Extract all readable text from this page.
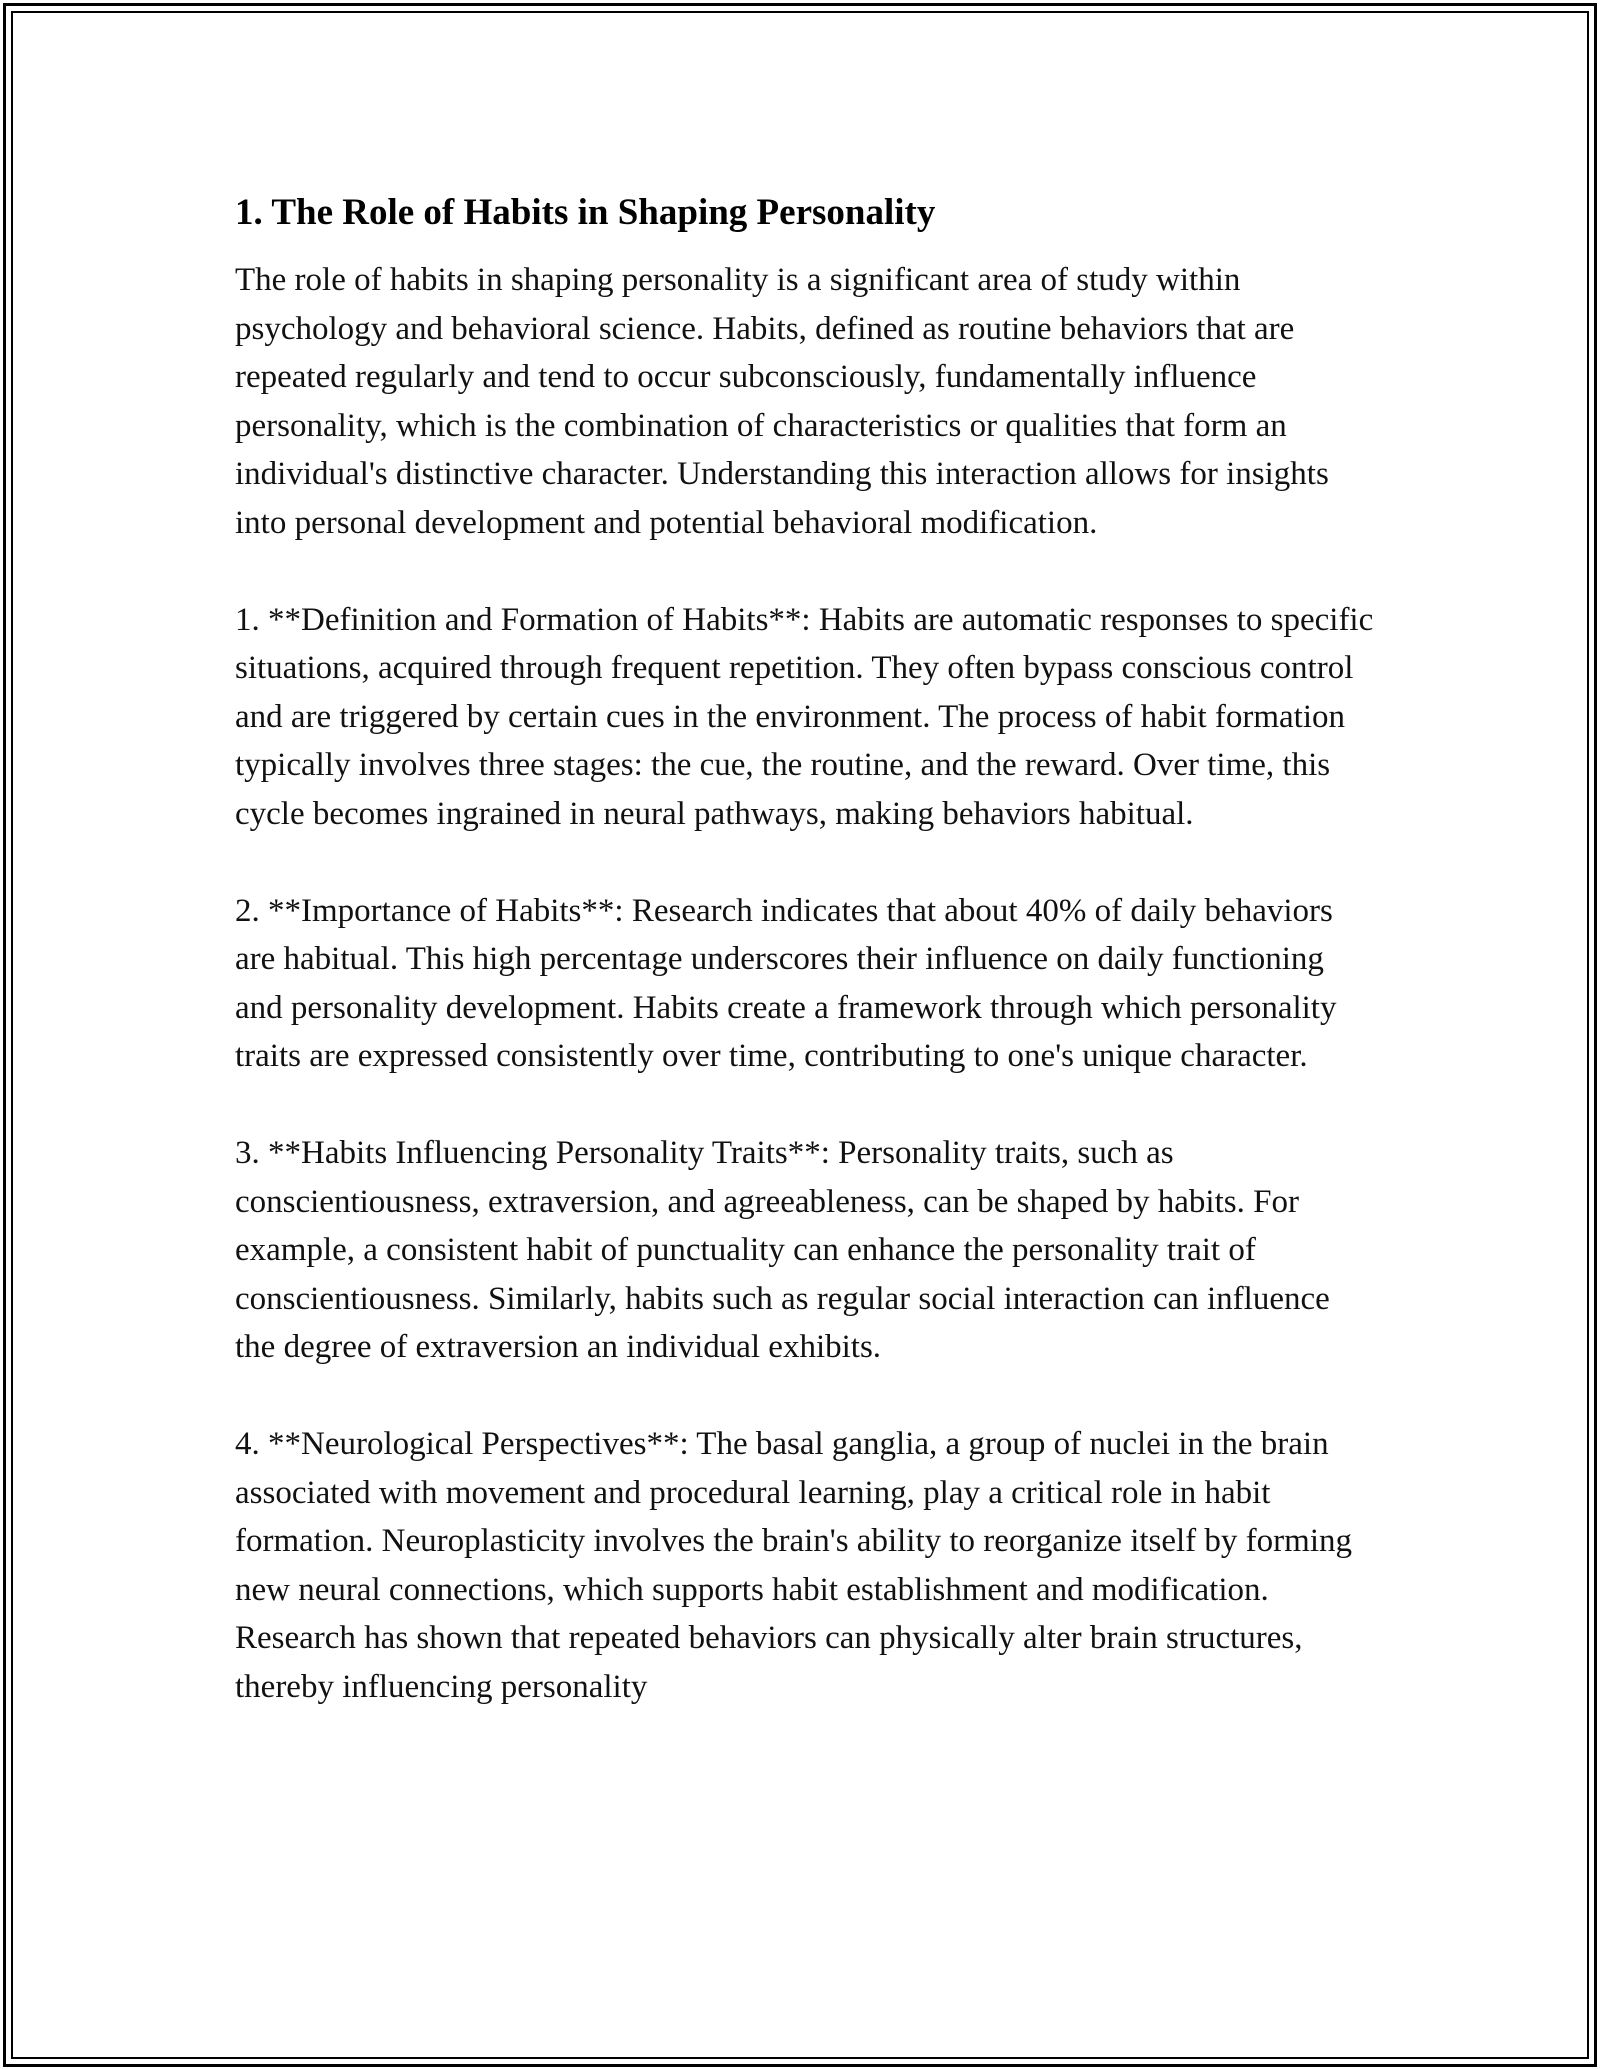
1. The Role of Habits in Shaping Personality

The role of habits in shaping personality is a significant area of study within psychology and behavioral science. Habits, defined as routine behaviors that are repeated regularly and tend to occur subconsciously, fundamentally influence personality, which is the combination of characteristics or qualities that form an individual's distinctive character. Understanding this interaction allows for insights into personal development and potential behavioral modification.

1. **Definition and Formation of Habits**: Habits are automatic responses to specific situations, acquired through frequent repetition. They often bypass conscious control and are triggered by certain cues in the environment. The process of habit formation typically involves three stages: the cue, the routine, and the reward. Over time, this cycle becomes ingrained in neural pathways, making behaviors habitual.

2. **Importance of Habits**: Research indicates that about 40% of daily behaviors are habitual. This high percentage underscores their influence on daily functioning and personality development. Habits create a framework through which personality traits are expressed consistently over time, contributing to one's unique character.

3. **Habits Influencing Personality Traits**: Personality traits, such as conscientiousness, extraversion, and agreeableness, can be shaped by habits. For example, a consistent habit of punctuality can enhance the personality trait of conscientiousness. Similarly, habits such as regular social interaction can influence the degree of extraversion an individual exhibits.

4. **Neurological Perspectives**: The basal ganglia, a group of nuclei in the brain associated with movement and procedural learning, play a critical role in habit formation. Neuroplasticity involves the brain's ability to reorganize itself by forming new neural connections, which supports habit establishment and modification. Research has shown that repeated behaviors can physically alter brain structures, thereby influencing personality
